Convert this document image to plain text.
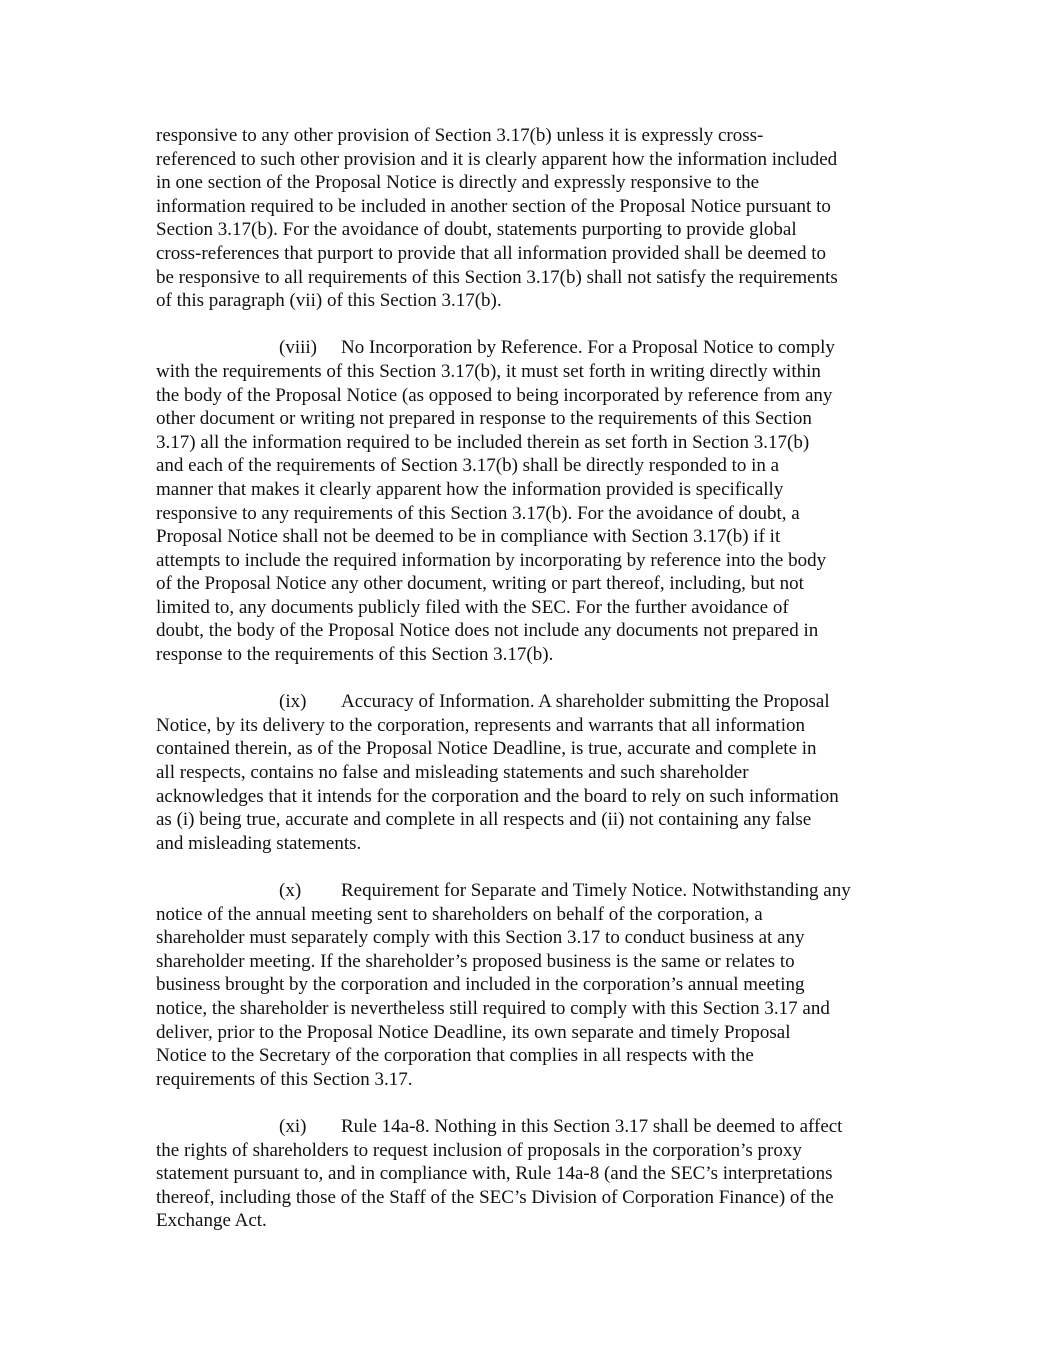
responsive to any other provision of Section 3.17(b) unless it is expressly cross-
referenced to such other provision and it is clearly apparent how the information included
in one section of the Proposal Notice is directly and expressly responsive to the
information required to be included in another section of the Proposal Notice pursuant to
Section 3.17(b). For the avoidance of doubt, statements purporting to provide global
cross-references that purport to provide that all information provided shall be deemed to
be responsive to all requirements of this Section 3.17(b) shall not satisfy the requirements
of this paragraph (vii) of this Section 3.17(b).

(viii) No Incorporation by Reference. For a Proposal Notice to comply
with the requirements of this Section 3.17(b), it must set forth in writing directly within
the body of the Proposal Notice (as opposed to being incorporated by reference from any
other document or writing not prepared in response to the requirements of this Section
3.17) all the information required to be included therein as set forth in Section 3.17(b)
and each of the requirements of Section 3.17(b) shall be directly responded to in a
manner that makes it clearly apparent how the information provided is specifically
responsive to any requirements of this Section 3.17(b). For the avoidance of doubt, a
Proposal Notice shall not be deemed to be in compliance with Section 3.17(b) if it
attempts to include the required information by incorporating by reference into the body
of the Proposal Notice any other document, writing or part thereof, including, but not
limited to, any documents publicly filed with the SEC. For the further avoidance of
doubt, the body of the Proposal Notice does not include any documents not prepared in
response to the requirements of this Section 3.17(b).

(ix) Accuracy of Information. A shareholder submitting the Proposal
Notice, by its delivery to the corporation, represents and warrants that all information
contained therein, as of the Proposal Notice Deadline, is true, accurate and complete in
all respects, contains no false and misleading statements and such shareholder
acknowledges that it intends for the corporation and the board to rely on such information
as (i) being true, accurate and complete in all respects and (ii) not containing any false
and misleading statements.

(x) Requirement for Separate and Timely Notice. Notwithstanding any
notice of the annual meeting sent to shareholders on behalf of the corporation, a
shareholder must separately comply with this Section 3.17 to conduct business at any
shareholder meeting. If the shareholder’s proposed business is the same or relates to
business brought by the corporation and included in the corporation’s annual meeting
notice, the shareholder is nevertheless still required to comply with this Section 3.17 and
deliver, prior to the Proposal Notice Deadline, its own separate and timely Proposal
Notice to the Secretary of the corporation that complies in all respects with the
requirements of this Section 3.17.

(xi) Rule 14a-8. Nothing in this Section 3.17 shall be deemed to affect
the rights of shareholders to request inclusion of proposals in the corporation’s proxy
statement pursuant to, and in compliance with, Rule 14a-8 (and the SEC’s interpretations
thereof, including those of the Staff of the SEC’s Division of Corporation Finance) of the
Exchange Act.
